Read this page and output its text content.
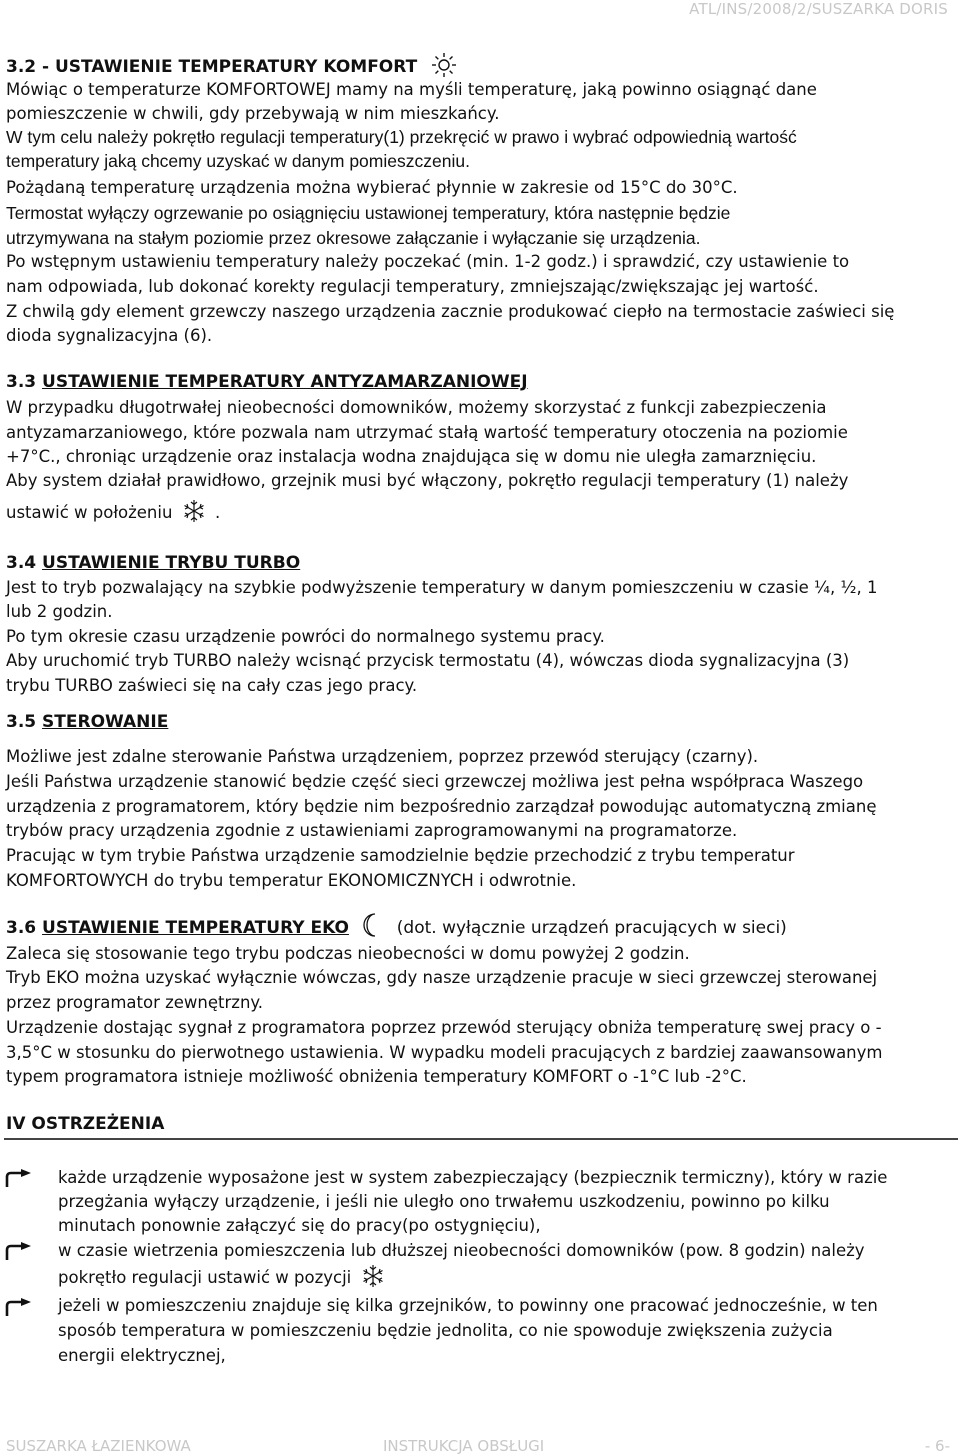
ATL/INS/2008/2/SUSZARKA DORIS
3.2 - USTAWIENIE TEMPERATURY KOMFORT
Mówiąc o temperaturze KOMFORTOWEJ mamy na myśli temperaturę, jaką powinno osiągnąć dane
pomieszczenie w chwili, gdy przebywają w nim mieszkańcy.
W tym celu należy pokrętło regulacji temperatury(1) przekręcić w prawo i wybrać odpowiednią wartość
temperatury jaką chcemy uzyskać w danym pomieszczeniu.
Pożądaną temperaturę urządzenia można wybierać płynnie w zakresie od 15°C do 30°C.
Termostat wyłączy ogrzewanie po osiągnięciu ustawionej temperatury, która następnie będzie
utrzymywana na stałym poziomie przez okresowe załączanie i wyłączanie się urządzenia.
Po wstępnym ustawieniu temperatury należy poczekać (min. 1-2 godz.) i sprawdzić, czy ustawienie to
nam odpowiada, lub dokonać korekty regulacji temperatury, zmniejszając/zwiększając jej wartość.
Z chwilą gdy element grzewczy naszego urządzenia zacznie produkować ciepło na termostacie zaświeci się
dioda sygnalizacyjna (6).
3.3 USTAWIENIE TEMPERATURY ANTYZAMARZANIOWEJ
W przypadku długotrwałej nieobecności domowników, możemy skorzystać z funkcji zabezpieczenia
antyzamarzaniowego, które pozwala nam utrzymać stałą wartość temperatury otoczenia na poziomie
+7°C., chroniąc urządzenie oraz instalacja wodna znajdująca się w domu nie uległa zamarznięciu.
Aby system działał prawidłowo, grzejnik musi być włączony, pokrętło regulacji temperatury (1) należy
ustawić w położeniu	.
3.4 USTAWIENIE TRYBU TURBO
Jest to tryb pozwalający na szybkie podwyższenie temperatury w danym pomieszczeniu w czasie ¼, ½, 1
lub 2 godzin.
Po tym okresie czasu urządzenie powróci do normalnego systemu pracy.
Aby uruchomić tryb TURBO należy wcisnąć przycisk termostatu (4), wówczas dioda sygnalizacyjna (3)
trybu TURBO zaświeci się na cały czas jego pracy.
3.5 STEROWANIE
Możliwe jest zdalne sterowanie Państwa urządzeniem, poprzez przewód sterujący (czarny).
Jeśli Państwa urządzenie stanowić będzie część sieci grzewczej możliwa jest pełna współpraca Waszego
urządzenia z programatorem, który będzie nim bezpośrednio zarządzał powodując automatyczną zmianę
trybów pracy urządzenia zgodnie z ustawieniami zaprogramowanymi na programatorze.
Pracując w tym trybie Państwa urządzenie samodzielnie będzie przechodzić z trybu temperatur
KOMFORTOWYCH do trybu temperatur EKONOMICZNYCH i odwrotnie.
3.6 USTAWIENIE TEMPERATURY EKO	(dot. wyłącznie urządzeń pracujących w sieci)
Zaleca się stosowanie tego trybu podczas nieobecności w domu powyżej 2 godzin.
Tryb EKO można uzyskać wyłącznie wówczas, gdy nasze urządzenie pracuje w sieci grzewczej sterowanej
przez programator zewnętrzny.
Urządzenie dostając sygnał z programatora poprzez przewód sterujący obniża temperaturę swej pracy o -
3,5°C w stosunku do pierwotnego ustawienia. W wypadku modeli pracujących z bardziej zaawansowanym
typem programatora istnieje możliwość obniżenia temperatury KOMFORT o -1°C lub -2°C.
IV OSTRZEŻENIA
każde urządzenie wyposażone jest w system zabezpieczający (bezpiecznik termiczny), który w razie
przegżania wyłączy urządzenie, i jeśli nie uległo ono trwałemu uszkodzeniu, powinno po kilku
minutach ponownie załączyć się do pracy(po ostygnięciu),
w czasie wietrzenia pomieszczenia lub dłuższej nieobecności domowników (pow. 8 godzin) należy
pokrętło regulacji ustawić w pozycji
jeżeli w pomieszczeniu znajduje się kilka grzejników, to powinny one pracować jednocześnie, w ten
sposób temperatura w pomieszczeniu będzie jednolita, co nie spowoduje zwiększenia zużycia
energii elektrycznej,
SUSZARKA ŁAZIENKOWA	INSTRUKCJA OBSŁUGI	- 6-
